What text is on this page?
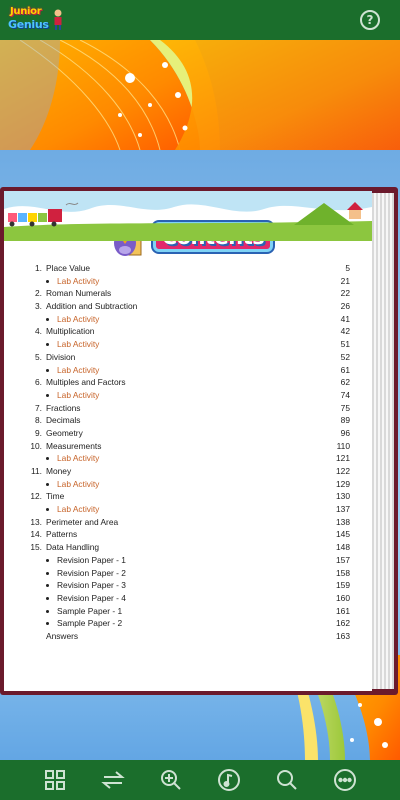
Junior
Genius	?
1. Place Value	5
Lab Activity	21
2. Roman Numerals	22
3. Addition and Subtraction	26
Lab Activity	41
4. Multiplication	42
Lab Activity	51
5. Division	52
Lab Activity	61
6. Multiples and Factors	62
Lab Activity	74
7. Fractions	75
8. Decimals	89
9. Geometry	96
10. Measurements	110
Lab Activity	121
11. Money	122
Lab Activity	129
12. Time	130
Lab Activity	137
13. Perimeter and Area	138
14. Patterns	145
15. Data Handling	148
Revision Paper - 1	157
Revision Paper - 2	158
Revision Paper - 3	159
Revision Paper - 4	160
Sample Paper - 1	161
Sample Paper - 2	162
Answers	163
